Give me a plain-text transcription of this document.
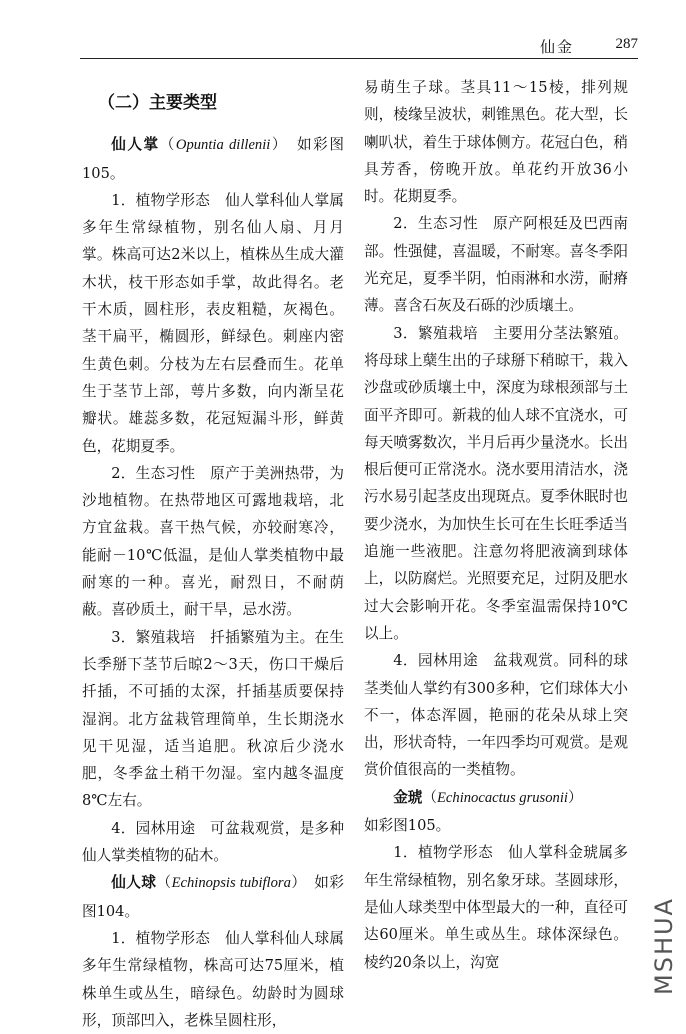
仙金	287

（二）主要类型

仙人掌（Opuntia dillenii）　如彩图105。

1．植物学形态　仙人掌科仙人掌属多年生常绿植物，别名仙人扇、月月掌。株高可达2米以上，植株丛生成大灌木状，枝干形态如手掌，故此得名。老干木质，圆柱形，表皮粗糙，灰褐色。茎干扁平，椭圆形，鲜绿色。刺座内密生黄色刺。分枝为左右层叠而生。花单生于茎节上部，萼片多数，向内渐呈花瓣状。雄蕊多数，花冠短漏斗形，鲜黄色，花期夏季。

2．生态习性　原产于美洲热带，为沙地植物。在热带地区可露地栽培，北方宜盆栽。喜干热气候，亦较耐寒冷，能耐－10℃低温，是仙人掌类植物中最耐寒的一种。喜光，耐烈日，不耐荫蔽。喜砂质土，耐干旱，忌水涝。

3．繁殖栽培　扦插繁殖为主。在生长季掰下茎节后晾2～3天，伤口干燥后扦插，不可插的太深，扦插基质要保持湿润。北方盆栽管理简单，生长期浇水见干见湿，适当追肥。秋凉后少浇水肥，冬季盆土稍干勿湿。室内越冬温度8℃左右。

4．园林用途　可盆栽观赏，是多种仙人掌类植物的砧木。

仙人球（Echinopsis tubiflora）　如彩图104。

1．植物学形态　仙人掌科仙人球属多年生常绿植物，株高可达75厘米，植株单生或丛生，暗绿色。幼龄时为圆球形，顶部凹入，老株呈圆柱形，

易萌生子球。茎具11～15棱，排列规则，棱缘呈波状，刺锥黑色。花大型，长喇叭状，着生于球体侧方。花冠白色，稍具芳香，傍晚开放。单花约开放36小时。花期夏季。

2．生态习性　原产阿根廷及巴西南部。性强健，喜温暖，不耐寒。喜冬季阳光充足，夏季半阴，怕雨淋和水涝，耐瘠薄。喜含石灰及石砾的沙质壤土。

3．繁殖栽培　主要用分茎法繁殖。将母球上蘖生出的子球掰下稍晾干，栽入沙盘或砂质壤土中，深度为球根颈部与土面平齐即可。新栽的仙人球不宜浇水，可每天喷雾数次，半月后再少量浇水。长出根后便可正常浇水。浇水要用清洁水，浇污水易引起茎皮出现斑点。夏季休眠时也要少浇水，为加快生长可在生长旺季适当追施一些液肥。注意勿将肥液滴到球体上，以防腐烂。光照要充足，过阴及肥水过大会影响开花。冬季室温需保持10℃以上。

4．园林用途　盆栽观赏。同科的球茎类仙人掌约有300多种，它们球体大小不一，体态浑圆，艳丽的花朵从球上突出，形状奇特，一年四季均可观赏。是观赏价值很高的一类植物。

金琥（Echinocactus grusonii）

如彩图105。

1．植物学形态　仙人掌科金琥属多年生常绿植物，别名象牙球。茎圆球形，是仙人球类型中体型最大的一种，直径可达60厘米。单生或丛生。球体深绿色。棱约20条以上，沟宽	MSHUA
